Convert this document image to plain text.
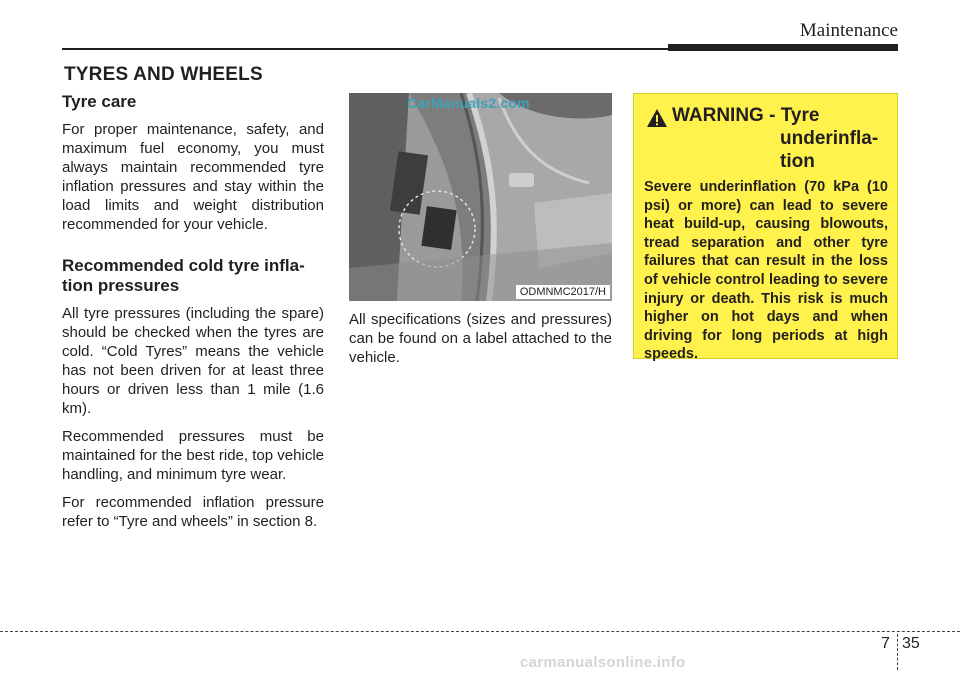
Maintenance
TYRES AND WHEELS
Tyre care

For proper maintenance, safety, and maximum fuel economy, you must always maintain recommended tyre inflation pressures and stay within the load limits and weight distribution recommended for your vehicle.

Recommended cold tyre infla-
tion pressures

All tyre pressures (including the spare) should be checked when the tyres are cold. “Cold Tyres” means the vehicle has not been driven for at least three hours or driven less than 1 mile (1.6 km).

Recommended pressures must be maintained for the best ride, top vehicle handling, and minimum tyre wear.

For recommended inflation pressure refer to “Tyre and wheels” in section 8.

CarManuals2.com
ODMNMC2017/H

All specifications (sizes and pressures) can be found on a label attached to the vehicle.

WARNING - Tyre
underinfla-
tion
Severe underinflation (70 kPa (10 psi) or more) can lead to severe heat build-up, causing blowouts, tread separation and other tyre failures that can result in the loss of vehicle control leading to severe injury or death. This risk is much higher on hot days and when driving for long periods at high speeds.
7 35
carmanualsonline.info
